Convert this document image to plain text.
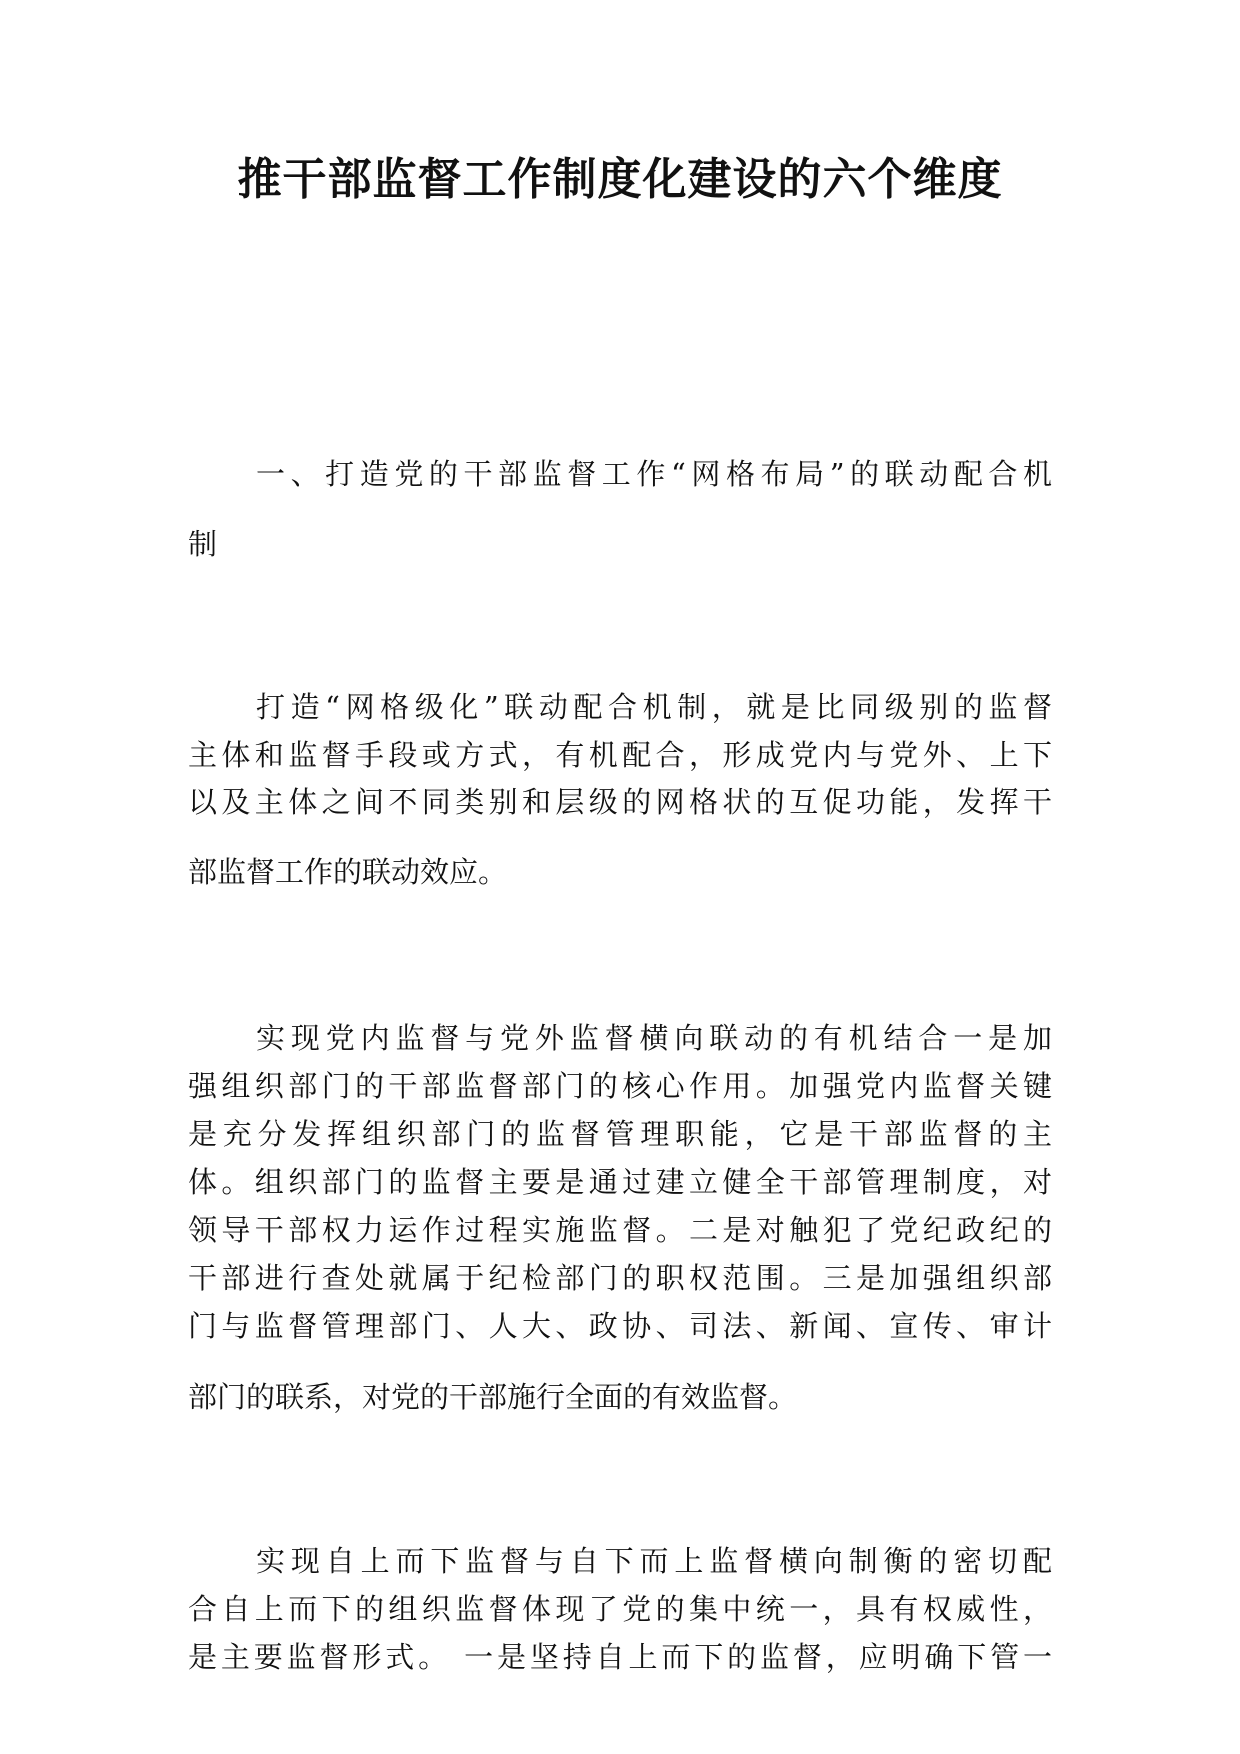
推干部监督工作制度化建设的六个维度

一、打造党的干部监督工作“网格布局”的联动配合机

制

打造“网格级化”联动配合机制，就是比同级别的监督

主体和监督手段或方式，有机配合，形成党内与党外、上下

以及主体之间不同类别和层级的网格状的互促功能，发挥干

部监督工作的联动效应。

实现党内监督与党外监督横向联动的有机结合一是加

强组织部门的干部监督部门的核心作用。加强党内监督关键

是充分发挥组织部门的监督管理职能，它是干部监督的主

体。组织部门的监督主要是通过建立健全干部管理制度，对

领导干部权力运作过程实施监督。二是对触犯了党纪政纪的

干部进行查处就属于纪检部门的职权范围。三是加强组织部

门与监督管理部门、人大、政协、司法、新闻、宣传、审计

部门的联系，对党的干部施行全面的有效监督。

实现自上而下监督与自下而上监督横向制衡的密切配

合自上而下的组织监督体现了党的集中统一，具有权威性，

是主要监督形式。 一是坚持自上而下的监督，应明确下管一
